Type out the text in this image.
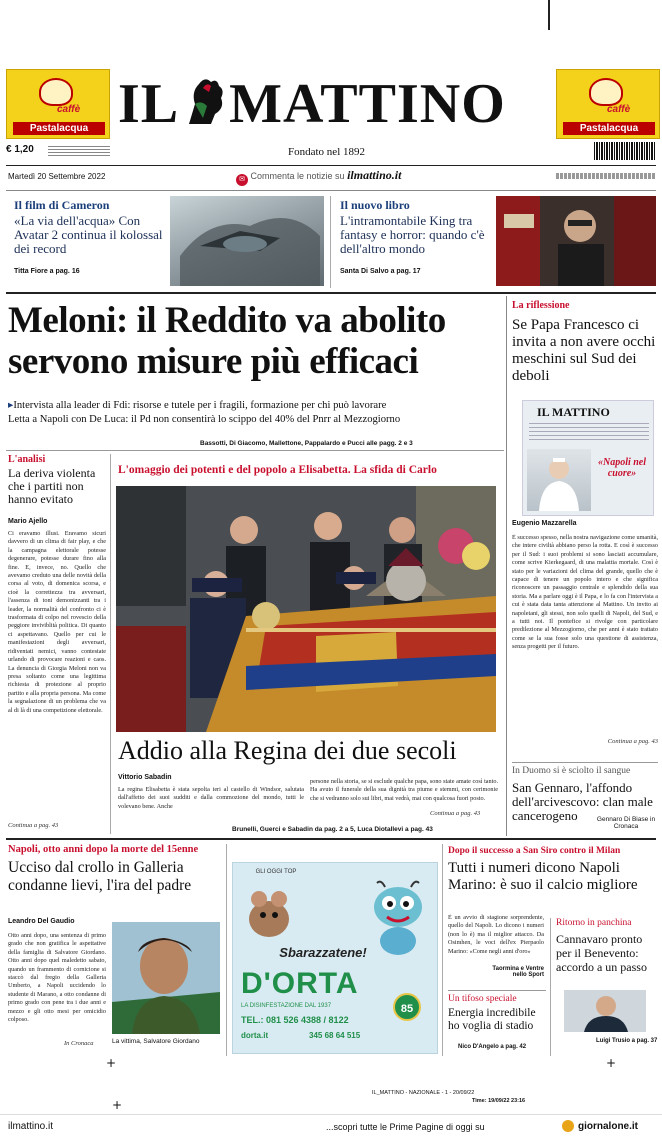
caffè
Pastalacqua
caffè
Pastalacqua
IL MATTINO
€ 1,20	Fondato nel 1892
Martedì 20 Settembre 2022	✉ Commenta le notizie su ilmattino.it
Il film di Cameron
«La via dell'acqua» Con Avatar 2 continua il kolossal dei record
Titta Fiore a pag. 16
Il nuovo libro
L'intramontabile King tra fantasy e horror: quando c'è dell'altro mondo
Santa Di Salvo a pag. 17
Meloni: il Reddito va abolito
servono misure più efficaci
▸Intervista alla leader di Fdi: risorse e tutele per i fragili, formazione per chi può lavorare
Letta a Napoli con De Luca: il Pd non consentirà lo scippo del 40% del Pnrr al Mezzogiorno
Bassotti, Di Giacomo, Mallettone, Pappalardo e Pucci alle pagg. 2 e 3
La riflessione
Se Papa Francesco ci invita a non avere occhi meschini sul Sud dei deboli
IL MATTINO
«Napoli nel cuore»
Eugenio Mazzarella
È successo spesso, nella nostra navigazione come umanità, che intere civiltà abbiano perso la rotta. E così è successo per il Sud: i suoi problemi si sono lasciati accumulare, come scrive Kierkegaard, di una malattia mortale. Così è stato per le variazioni del clima del grande, quello che è capace di tenere un popolo intero e che significa riconoscere un passaggio centrale e splendido della sua storia. Ma a parlare oggi è il Papa, e lo fa con l'intervista a cui è stata data tanta attenzione al Mattino. Un invito ai napoletani, gli stessi, non solo quelli di Napoli, del Sud, e a tutti noi. Il pontefice si rivolge con particolare predilezione al Mezzogiorno, che per anni è stato trattato come se la sua fosse solo una questione di assistenza, senza progetti per il futuro.
Continua a pag. 43
In Duomo si è sciolto il sangue
San Gennaro, l'affondo dell'arcivescovo: clan male cancerogeno	Gennaro Di Biase in Cronaca
L'analisi
La deriva violenta che i partiti non hanno evitato
Mario Ajello
Ci eravamo illusi. Eravamo sicuri davvero di un clima di fair play, e che la campagna elettorale potesse degenerare, potesse durare fino alla fine. E, invece, no. Quello che avevamo creduto una delle novità della corsa al voto, di domenica scorsa, e cioè la correttezza tra avversari, l'assenza di toni demonizzanti tra i leader, la normalità del confronto ci è trasformata di colpo nel rovescio della peggiore inviviblità politica. Di quanto ci aspettavano. Quello per cui le manifestazioni degli avversari, ridiventati nemici, vanno contestate urlando di provocare reazioni e caos. La denuncia di Giorgia Meloni non va presa soltanto come una legittima richiesta di protezione al proprio partito e alla propria persona. Ma come la segnalazione di un problema che va al di là di una competizione elettorale.
Continua a pag. 43
L'omaggio dei potenti e del popolo a Elisabetta. La sfida di Carlo
Addio alla Regina dei due secoli
Vittorio Sabadin
La regina Elisabetta è stata sepolta ieri al castello di Windsor, salutata dall'affetto dei suoi sudditi e dalla commozione del mondo, tutti le volevano bene. Anche
persone nella storia, se si esclude qualche papa, sono state amate così tanto. Ha avuto il funerale della sua dignità tra piume e stemmi, con cerimonie che si vedranno solo sui libri, mai vedrà, mai con qualcosa fuori posto.
Continua a pag. 43
Brunelli, Guerci e Sabadin da pag. 2 a 5, Luca Diotallevi a pag. 43
Napoli, otto anni dopo la morte del 15enne
Ucciso dal crollo in Galleria condanne lievi, l'ira del padre
Leandro Del Gaudio
Otto anni dopo, una sentenza di primo grado che non gratifica le aspettative della famiglia di Salvatore Giordano. Otto anni dopo quel maledetto sabato, quando un frammento di cornicione si staccò dal fregio della Galleria Umberto, a Napoli uccidendo lo studente di Marano, a otto condanne di primo grado con pene tra i due anni e mezzo e gli otto mesi per omicidio colposo.
La vittima, Salvatore Giordano
In Cronaca
GLI OGGI TOP
Sbarazzatene!
D'ORTA
85
LA DISINFESTAZIONE DAL 1937
TEL.: 081 526 4388 / 8122
dorta.it	345 68 64 515
Dopo il successo a San Siro contro il Milan
Tutti i numeri dicono Napoli Marino: è suo il calcio migliore
È un avvio di stagione sorprendente, quello del Napoli. Lo dicono i numeri (non lo è) ma il miglior attacco. Da Osimhen, le voci dell'ex Pierpaolo Marino: «Come negli anni d'oro»
Taormina e Ventre nello Sport
Ritorno in panchina
Cannavaro pronto per il Benevento: accordo a un passo
Luigi Trusio a pag. 37
Un tifoso speciale
Energia incredibile ho voglia di stadio
Nico D'Angelo a pag. 42
+	+
+
IL_MATTINO - NAZIONALE - 1 - 20/09/22
Time: 19/09/22 23:16
ilmattino.it	...scopri tutte le Prime Pagine di oggi su	giornalone.it
